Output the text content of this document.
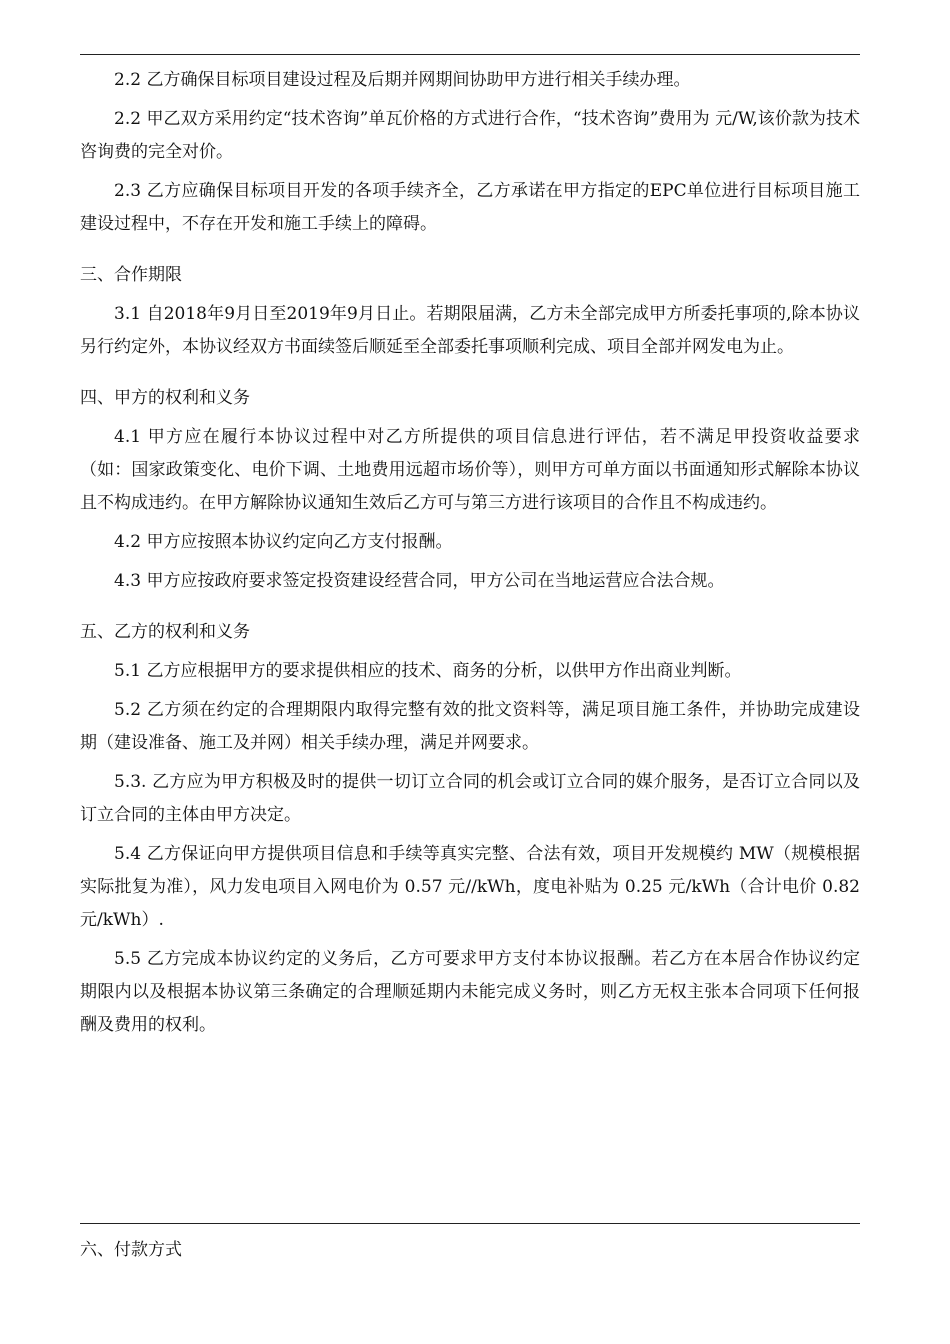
2.2 乙方确保目标项目建设过程及后期并网期间协助甲方进行相关手续办理。

2.2 甲乙双方采用约定“技术咨询”单瓦价格的方式进行合作，“技术咨询”费用为 元/W,该价款为技术咨询费的完全对价。

2.3 乙方应确保目标项目开发的各项手续齐全，乙方承诺在甲方指定的EPC单位进行目标项目施工建设过程中，不存在开发和施工手续上的障碍。

三、合作期限

3.1 自2018年9月日至2019年9月日止。若期限届满，乙方未全部完成甲方所委托事项的,除本协议另行约定外，本协议经双方书面续签后顺延至全部委托事项顺利完成、项目全部并网发电为止。

四、甲方的权利和义务

4.1 甲方应在履行本协议过程中对乙方所提供的项目信息进行评估，若不满足甲投资收益要求（如：国家政策变化、电价下调、土地费用远超市场价等），则甲方可单方面以书面通知形式解除本协议且不构成违约。在甲方解除协议通知生效后乙方可与第三方进行该项目的合作且不构成违约。

4.2 甲方应按照本协议约定向乙方支付报酬。

4.3 甲方应按政府要求签定投资建设经营合同，甲方公司在当地运营应合法合规。

五、乙方的权利和义务

5.1 乙方应根据甲方的要求提供相应的技术、商务的分析，以供甲方作出商业判断。

5.2 乙方须在约定的合理期限内取得完整有效的批文资料等，满足项目施工条件，并协助完成建设期（建设准备、施工及并网）相关手续办理，满足并网要求。

5.3. 乙方应为甲方积极及时的提供一切订立合同的机会或订立合同的媒介服务，是否订立合同以及订立合同的主体由甲方决定。

5.4 乙方保证向甲方提供项目信息和手续等真实完整、合法有效，项目开发规模约 MW（规模根据实际批复为准），风力发电项目入网电价为 0.57 元//kWh，度电补贴为 0.25 元/kWh（合计电价 0.82 元/kWh）.

5.5 乙方完成本协议约定的义务后，乙方可要求甲方支付本协议报酬。若乙方在本居合作协议约定期限内以及根据本协议第三条确定的合理顺延期内未能完成义务时，则乙方无权主张本合同项下任何报酬及费用的权利。

六、付款方式
